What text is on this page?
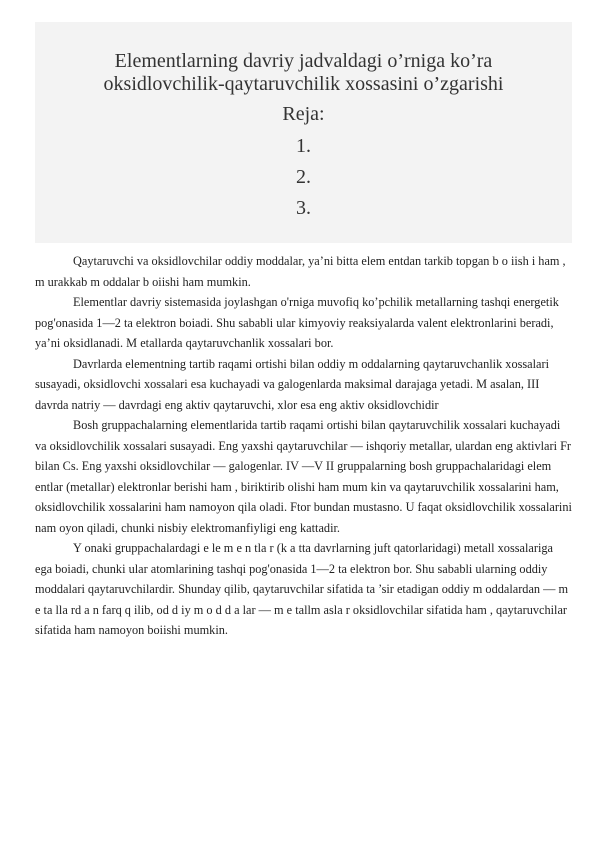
Elementlarning davriy jadvaldagi o’rniga ko’ra oksidlovchilik-qaytaruvchilik xossasini o’zgarishi
Reja:
1.
2.
3.

Qaytaruvchi va oksidlovchilar oddiy moddalar, ya’ni bitta elem entdan tarkib topgan b o iish i ham , m urakkab m oddalar b oiishi ham mumkin.

Elementlar davriy sistemasida joylashgan o'rniga muvofiq ko’pchilik metallarning tashqi energetik pog'onasida 1—2 ta elektron boiadi. Shu sababli ular kimyoviy reaksiyalarda valent elektronlarini beradi, ya’ni oksidlanadi. M etallarda qaytaruvchanlik xossalari bor.

Davrlarda elementning tartib raqami ortishi bilan oddiy m oddalarning qaytaruvchanlik xossalari susayadi, oksidlovchi xossalari esa kuchayadi va galogenlarda maksimal darajaga yetadi. M asalan, III davrda natriy — davrdagi eng aktiv qaytaruvchi, xlor esa eng aktiv oksidlovchidir

Bosh gruppachalarning elementlarida tartib raqami ortishi bilan qaytaruvchilik xossalari kuchayadi va oksidlovchilik xossalari susayadi. Eng yaxshi qaytaruvchilar — ishqoriy metallar, ulardan eng aktivlari Fr bilan Cs. Eng yaxshi oksidlovchilar — galogenlar. IV —V II gruppalarning bosh gruppachalaridagi elem entlar (metallar) elektronlar berishi ham , biriktirib olishi ham mum kin va qaytaruvchilik xossalarini ham, oksidlovchilik xossalarini ham namoyon qila oladi. Ftor bundan mustasno. U faqat oksidlovchilik xossalarini nam oyon qiladi, chunki nisbiy elektromanfiyligi eng kattadir.

Y onaki gruppachalardagi e le m e n tla r (k a tta davrlarning juft qatorlaridagi) metall xossalariga ega boiadi, chunki ular atomlarining tashqi pog'onasida 1—2 ta elektron bor. Shu sababli ularning oddiy moddalari qaytaruvchilardir. Shunday qilib, qaytaruvchilar sifatida ta ’sir etadigan oddiy m oddalardan — m e ta lla rd a n farq q ilib, od d iy m o d d a lar — m e tallm asla r oksidlovchilar sifatida ham , qaytaruvchilar sifatida ham namoyon boiishi mumkin.
